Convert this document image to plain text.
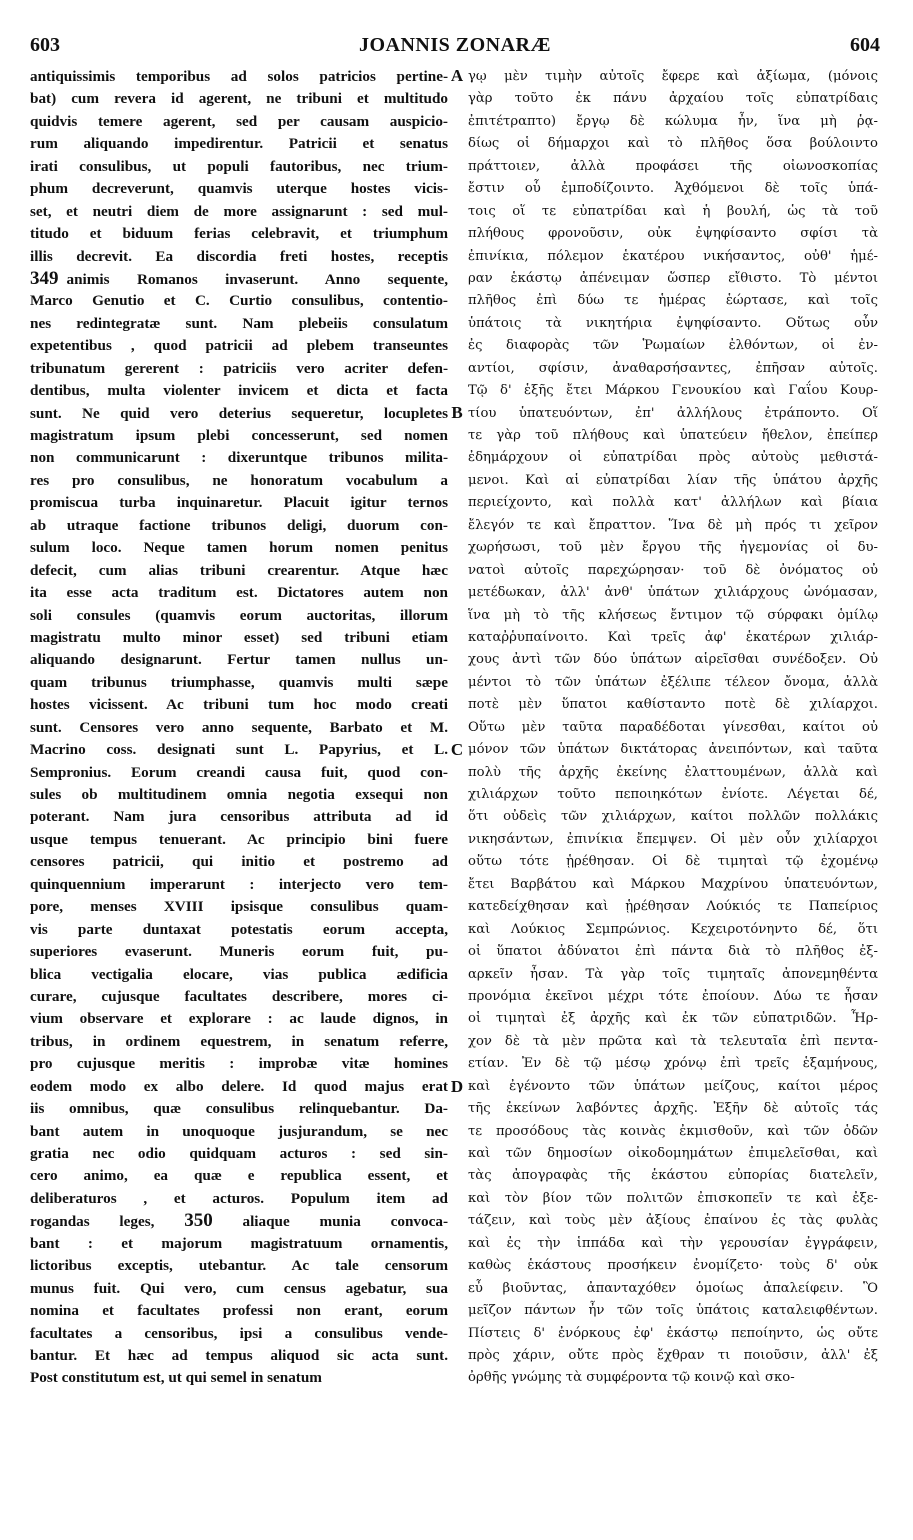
603	JOANNIS ZONARÆ	604
A
B
C
D
antiquissimis temporibus ad solos patricios pertine-
bat) cum revera id agerent, ne tribuni et multitudo
quidvis temere agerent, sed per causam auspicio-
rum aliquando impedirentur. Patricii et senatus
irati consulibus, ut populi fautoribus, nec trium-
phum decreverunt, quamvis uterque hostes vicis-
set, et neutri diem de more assignarunt : sed mul-
titudo et biduum ferias celebravit, et triumphum
illis decrevit. Ea discordia freti hostes, receptis
349 animis Romanos invaserunt. Anno sequente,
Marco Genutio et C. Curtio consulibus, contentio-
nes redintegratæ sunt. Nam plebeiis consulatum
expetentibus , quod patricii ad plebem transeuntes
tribunatum gererent : patriciis vero acriter defen-
dentibus, multa violenter invicem et dicta et facta
sunt. Ne quid vero deterius sequeretur, locupletes
magistratum ipsum plebi concesserunt, sed nomen
non communicarunt : dixeruntque tribunos milita-
res pro consulibus, ne honoratum vocabulum a
promiscua turba inquinaretur. Placuit igitur ternos
ab utraque factione tribunos deligi, duorum con-
sulum loco. Neque tamen horum nomen penitus
defecit, cum alias tribuni crearentur. Atque hæc
ita esse acta traditum est. Dictatores autem non
soli consules (quamvis eorum auctoritas, illorum
magistratu multo minor esset) sed tribuni etiam
aliquando designarunt. Fertur tamen nullus un-
quam tribunus triumphasse, quamvis multi sæpe
hostes vicissent. Ac tribuni tum hoc modo creati
sunt. Censores vero anno sequente, Barbato et M.
Macrino coss. designati sunt L. Papyrius, et L.
Sempronius. Eorum creandi causa fuit, quod con-
sules ob multitudinem omnia negotia exsequi non
poterant. Nam jura censoribus attributa ad id
usque tempus tenuerant. Ac principio bini fuere
censores patricii, qui initio et postremo ad
quinquennium imperarunt : interjecto vero tem-
pore, menses XVIII ipsisque consulibus quam-
vis parte duntaxat potestatis eorum accepta,
superiores evaserunt. Muneris eorum fuit, pu-
blica vectigalia elocare, vias publica ædificia
curare, cujusque facultates describere, mores ci-
vium observare et explorare : ac laude dignos, in
tribus, in ordinem equestrem, in senatum referre,
pro cujusque meritis : improbæ vitæ homines
eodem modo ex albo delere. Id quod majus erat
iis omnibus, quæ consulibus relinquebantur. Da-
bant autem in unoquoque jusjurandum, se nec
gratia nec odio quidquam acturos : sed sin-
cero animo, ea quæ e republica essent, et
deliberaturos , et acturos. Populum item ad
rogandas leges, 350 aliaque munia convoca-
bant : et majorum magistratuum ornamentis,
lictoribus exceptis, utebantur. Ac tale censorum
munus fuit. Qui vero, cum census agebatur, sua
nomina et facultates professi non erant, eorum
facultates a censoribus, ipsi a consulibus vende-
bantur. Et hæc ad tempus aliquod sic acta sunt.
Post constitutum est, ut qui semel in senatum
γῳ μὲν τιμὴν αὐτοῖς ἔφερε καὶ ἀξίωμα, (μόνοις
γὰρ τοῦτο ἐκ πάνυ ἀρχαίου τοῖς εὐπατρίδαις
ἐπιτέτραπτο) ἔργῳ δὲ κώλυμα ἦν, ἵνα μὴ ῥᾳ-
δίως οἱ δήμαρχοι καὶ τὸ πλῆθος ὅσα βούλοιντο
πράττοιεν, ἀλλὰ προφάσει τῆς οἰωνοσκοπίας
ἔστιν οὗ ἐμποδίζοιντο. Ἀχθόμενοι δὲ τοῖς ὑπά-
τοις οἵ τε εὐπατρίδαι καὶ ἡ βουλή, ὡς τὰ τοῦ
πλήθους φρονοῦσιν, οὐκ ἐψηφίσαντο σφίσι τὰ
ἐπινίκια, πόλεμον ἑκατέρου νικήσαντος, οὐθ' ἡμέ-
ραν ἑκάστῳ ἀπένειμαν ὥσπερ εἴθιστο. Τὸ μέντοι
πλῆθος ἐπὶ δύω τε ἡμέρας ἑώρτασε, καὶ τοῖς
ὑπάτοις τὰ νικητήρια ἐψηφίσαντο. Οὕτως οὖν
ἐς διαφορὰς τῶν Ῥωμαίων ἐλθόντων, οἱ ἐν-
αντίοι, σφίσιν, ἀναθαρσήσαντες, ἐπῆσαν αὐτοῖς.
Τῷ δ' ἑξῆς ἔτει Μάρκου Γενουκίου καὶ Γαΐου Κουρ-
τίου ὑπατευόντων, ἐπ' ἀλλήλους ἐτράποντο. Οἵ
τε γὰρ τοῦ πλήθους καὶ ὑπατεύειν ἤθελον, ἐπείπερ
ἐδημάρχουν οἱ εὐπατρίδαι πρὸς αὐτοὺς μεθιστά-
μενοι. Καὶ αἱ εὐπατρίδαι λίαν τῆς ὑπάτου ἀρχῆς
περιείχοντο, καὶ πολλὰ κατ' ἀλλήλων καὶ βίαια
ἔλεγόν τε καὶ ἔπραττον. Ἵνα δὲ μὴ πρός τι χεῖρον
χωρήσωσι, τοῦ μὲν ἔργου τῆς ἡγεμονίας οἱ δυ-
νατοὶ αὐτοῖς παρεχώρησαν· τοῦ δὲ ὀνόματος οὐ
μετέδωκαν, ἀλλ' ἀνθ' ὑπάτων χιλιάρχους ὠνόμασαν,
ἵνα μὴ τὸ τῆς κλήσεως ἔντιμον τῷ σύρφακι ὁμίλῳ
καταῤῥυπαίνοιτο. Καὶ τρεῖς ἀφ' ἑκατέρων χιλιάρ-
χους ἀντὶ τῶν δύο ὑπάτων αἱρεῖσθαι συνέδοξεν. Οὐ
μέντοι τὸ τῶν ὑπάτων ἐξέλιπε τέλεον ὄνομα, ἀλλὰ
ποτὲ μὲν ὕπατοι καθίσταντο ποτὲ δὲ χιλίαρχοι.
Οὕτω μὲν ταῦτα παραδέδοται γίνεσθαι, καίτοι οὐ
μόνον τῶν ὑπάτων δικτάτορας ἀνειπόντων, καὶ ταῦτα
πολὺ τῆς ἀρχῆς ἐκείνης ἐλαττουμένων, ἀλλὰ καὶ
χιλιάρχων τοῦτο πεποιηκότων ἐνίοτε. Λέγεται δέ,
ὅτι οὐδεὶς τῶν χιλιάρχων, καίτοι πολλῶν πολλάκις
νικησάντων, ἐπινίκια ἔπεμψεν. Οἱ μὲν οὖν χιλίαρχοι
οὕτω τότε ᾑρέθησαν. Οἱ δὲ τιμηταὶ τῷ ἐχομένῳ
ἔτει Βαρβάτου καὶ Μάρκου Μαχρίνου ὑπατευόντων,
κατεδείχθησαν καὶ ᾑρέθησαν Λούκιός τε Παπείριος
καὶ Λούκιος Σεμπρώνιος. Κεχειροτόνηντο δέ, ὅτι
οἱ ὕπατοι ἀδύνατοι ἐπὶ πάντα διὰ τὸ πλῆθος ἐξ-
αρκεῖν ἦσαν. Τὰ γὰρ τοῖς τιμηταῖς ἀπονεμηθέντα
προνόμια ἐκεῖνοι μέχρι τότε ἐποίουν. Δύω τε ἦσαν
οἱ τιμηταὶ ἐξ ἀρχῆς καὶ ἐκ τῶν εὐπατριδῶν. Ἦρ-
χον δὲ τὰ μὲν πρῶτα καὶ τὰ τελευταῖα ἐπὶ πεντα-
ετίαν. Ἐν δὲ τῷ μέσῳ χρόνῳ ἐπὶ τρεῖς ἑξαμήνους,
καὶ ἐγένοντο τῶν ὑπάτων μείζους, καίτοι μέρος
τῆς ἐκείνων λαβόντες ἀρχῆς. Ἐξῆν δὲ αὐτοῖς τάς
τε προσόδους τὰς κοινὰς ἐκμισθοῦν, καὶ τῶν ὁδῶν
καὶ τῶν δημοσίων οἰκοδομημάτων ἐπιμελεῖσθαι, καὶ
τὰς ἀπογραφὰς τῆς ἑκάστου εὐπορίας διατελεῖν,
καὶ τὸν βίον τῶν πολιτῶν ἐπισκοπεῖν τε καὶ ἐξε-
τάζειν, καὶ τοὺς μὲν ἀξίους ἐπαίνου ἐς τὰς φυλὰς
καὶ ἐς τὴν ἱππάδα καὶ τὴν γερουσίαν ἐγγράφειν,
καθὼς ἑκάστους προσήκειν ἐνομίζετο· τοὺς δ' οὐκ
εὖ βιοῦντας, ἀπανταχόθεν ὁμοίως ἀπαλείφειν. Ὃ
μεῖζον πάντων ἦν τῶν τοῖς ὑπάτοις καταλειφθέντων.
Πίστεις δ' ἐνόρκους ἐφ' ἑκάστῳ πεποίηντο, ὡς οὔτε
πρὸς χάριν, οὔτε πρὸς ἔχθραν τι ποιοῦσιν, ἀλλ' ἐξ
ὀρθῆς γνώμης τὰ συμφέροντα τῷ κοινῷ καὶ σκο-
